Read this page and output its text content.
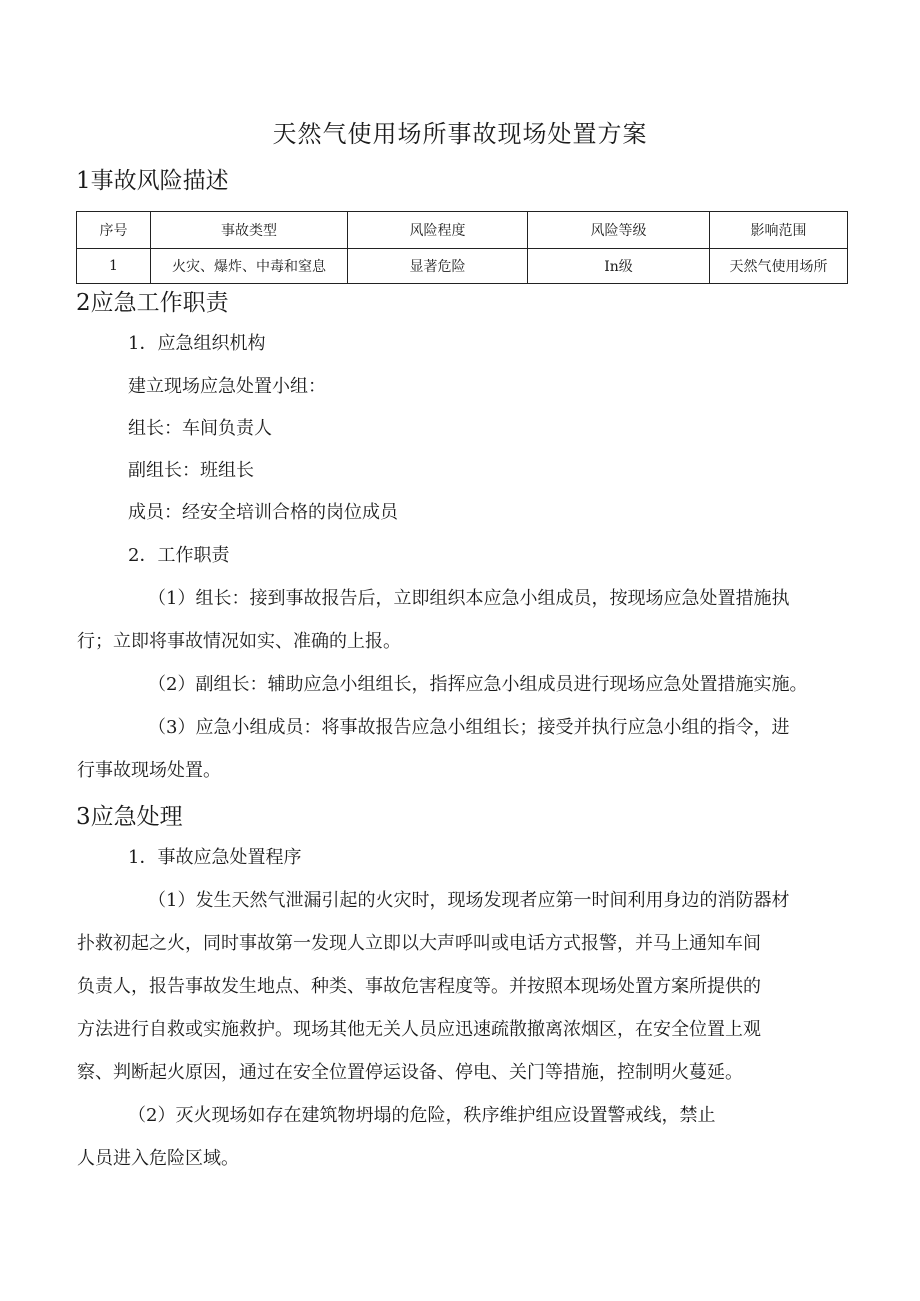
天然气使用场所事故现场处置方案
1事故风险描述
序号	事故类型	风险程度	风险等级	影响范围
1	火灾、爆炸、中毒和窒息	显著危险	In级	天然气使用场所
2应急工作职责
1．应急组织机构
建立现场应急处置小组：
组长：车间负责人
副组长：班组长
成员：经安全培训合格的岗位成员
2．工作职责
（1）组长：接到事故报告后，立即组织本应急小组成员，按现场应急处置措施执
行；立即将事故情况如实、准确的上报。
（2）副组长：辅助应急小组组长，指挥应急小组成员进行现场应急处置措施实施。
（3）应急小组成员：将事故报告应急小组组长；接受并执行应急小组的指令，进
行事故现场处置。
3应急处理
1．事故应急处置程序
（1）发生天然气泄漏引起的火灾时，现场发现者应第一时间利用身边的消防器材
扑救初起之火，同时事故第一发现人立即以大声呼叫或电话方式报警，并马上通知车间
负责人，报告事故发生地点、种类、事故危害程度等。并按照本现场处置方案所提供的
方法进行自救或实施救护。现场其他无关人员应迅速疏散撤离浓烟区，在安全位置上观
察、判断起火原因，通过在安全位置停运设备、停电、关门等措施，控制明火蔓延。
（2）灭火现场如存在建筑物坍塌的危险，秩序维护组应设置警戒线，禁止
人员进入危险区域。
